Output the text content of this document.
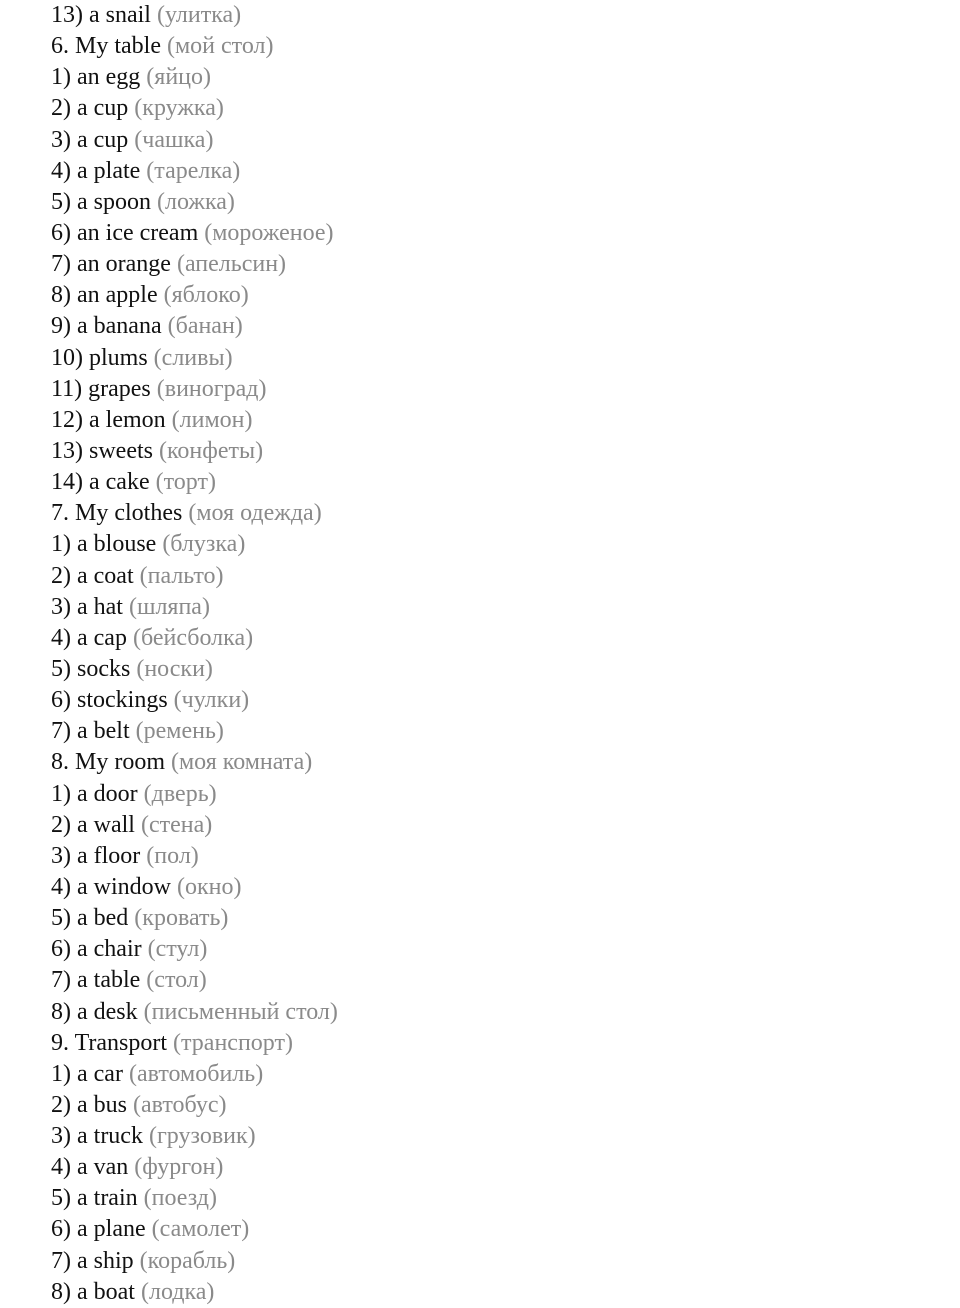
13) a snail (улитка)
6. My table (мой стол)
1) an egg (яйцо)
2) a cup (кружка)
3) a cup (чашка)
4) a plate (тарелка)
5) a spoon (ложка)
6) an ice cream (мороженое)
7) an orange (апельсин)
8) an apple (яблоко)
9) a banana (банан)
10) plums (сливы)
11) grapes (виноград)
12) a lemon (лимон)
13) sweets (конфеты)
14) a cake (торт)
7. My clothes (моя одежда)
1) a blouse (блузка)
2) a coat (пальто)
3) a hat (шляпа)
4) a cap (бейсболка)
5) socks (носки)
6) stockings (чулки)
7) a belt (ремень)
8. My room (моя комната)
1) a door (дверь)
2) a wall (стена)
3) a floor (пол)
4) a window (окно)
5) a bed (кровать)
6) a chair (стул)
7) a table (стол)
8) a desk (письменный стол)
9. Transport (транспорт)
1) a car (автомобиль)
2) a bus (автобус)
3) a truck (грузовик)
4) a van (фургон)
5) a train (поезд)
6) a plane (самолет)
7) a ship (корабль)
8) a boat (лодка)
